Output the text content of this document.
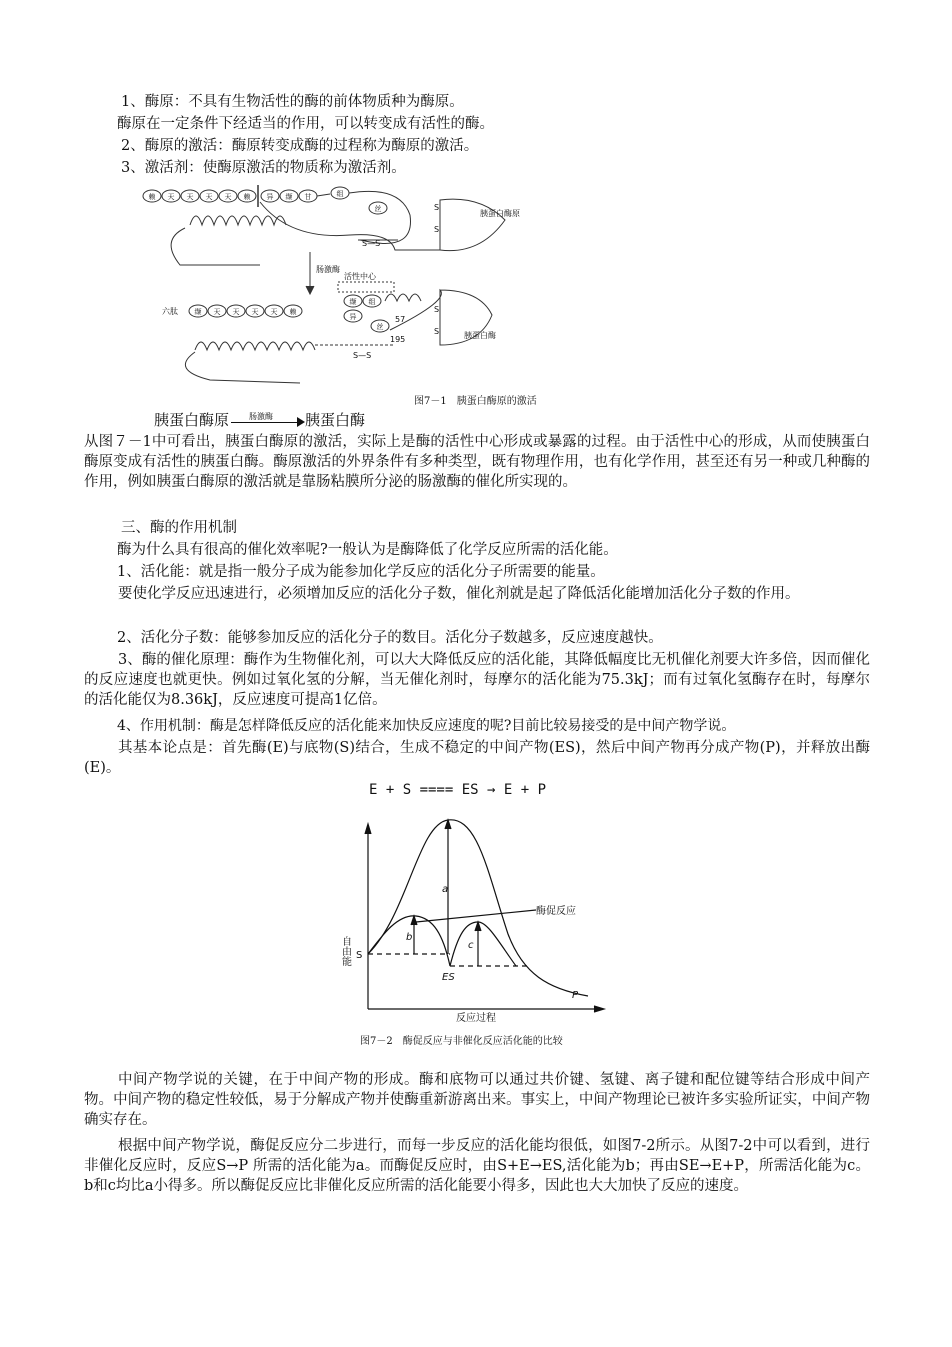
1、酶原：不具有生物活性的酶的前体物质种为酶原。
酶原在一定条件下经适当的作用，可以转变成有活性的酶。
2、酶原的激活：酶原转变成酶的过程称为酶原的激活。
3、激活剂：使酶原激活的物质称为激活剂。
赖 天 天 天 天 赖 异 缬 甘	组
丝
缬 天 天 天 天 赖
缬
异
组
丝
胰蛋白酶原
肠激酶
活性中心
六肽
胰蛋白酶
57
195
S
S
S—S
S
S
S—S
图7－1　胰蛋白酶原的激活
胰蛋白酶原	肠激酶 胰蛋白酶
从图７－1中可看出，胰蛋白酶原的激活，实际上是酶的活性中心形成或暴露的过程。由于活性中心的形成，从而使胰蛋白酶原变成有活性的胰蛋白酶。酶原激活的外界条件有多种类型，既有物理作用，也有化学作用，甚至还有另一种或几种酶的作用，例如胰蛋白酶原的激活就是靠肠粘膜所分泌的肠激酶的催化所实现的。
三、酶的作用机制
酶为什么具有很高的催化效率呢?一般认为是酶降低了化学反应所需的活化能。
1、活化能：就是指一般分子成为能参加化学反应的活化分子所需要的能量。
要使化学反应迅速进行，必须增加反应的活化分子数，催化剂就是起了降低活化能增加活化分子数的作用。
2、活化分子数：能够参加反应的活化分子的数目。活化分子数越多，反应速度越快。
3、酶的催化原理：酶作为生物催化剂，可以大大降低反应的活化能，其降低幅度比无机催化剂要大许多倍，因而催化的反应速度也就更快。例如过氧化氢的分解，当无催化剂时，每摩尔的活化能为75.3kJ；而有过氧化氢酶存在时，每摩尔的活化能仅为8.36kJ，反应速度可提高1亿倍。
4、作用机制：酶是怎样降低反应的活化能来加快反应速度的呢?目前比较易接受的是中间产物学说。
其基本论点是：首先酶(E)与底物(S)结合，生成不稳定的中间产物(ES)，然后中间产物再分成产物(P)，并释放出酶(E)。
E + S ==== ES → E + P
自由能
反应过程
S
ES
P
a
b
c
酶促反应
图7－2　酶促反应与非催化反应活化能的比较
中间产物学说的关键，在于中间产物的形成。酶和底物可以通过共价键、氢键、离子键和配位键等结合形成中间产物。中间产物的稳定性较低，易于分解成产物并使酶重新游离出来。事实上，中间产物理论已被许多实验所证实，中间产物确实存在。
根据中间产物学说，酶促反应分二步进行，而每一步反应的活化能均很低，如图7-2所示。从图7-2中可以看到，进行非催化反应时，反应S→P 所需的活化能为a。而酶促反应时，由S+E→ES,活化能为b；再由SE→E+P，所需活化能为c。b和c均比a小得多。所以酶促反应比非催化反应所需的活化能要小得多，因此也大大加快了反应的速度。
